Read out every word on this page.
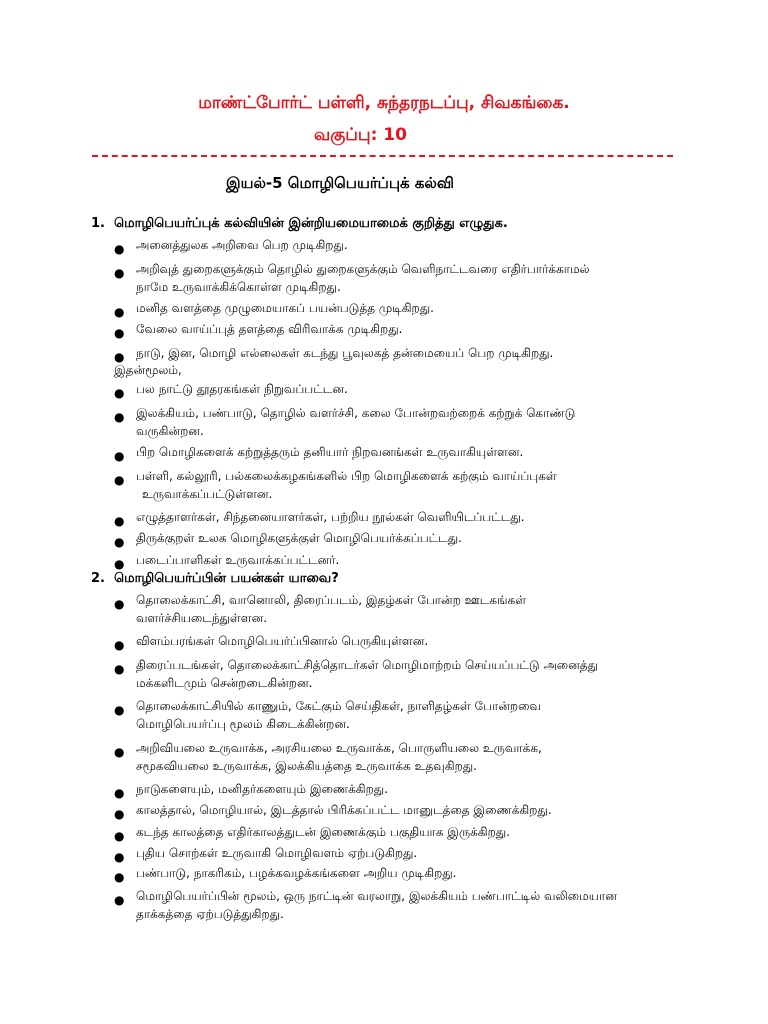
மாண்ட்போர்ட் பள்ளி, சுந்தரநடப்பு, சிவகங்கை.
வகுப்பு: 10
இயல்-5 மொழிபெயர்ப்புக் கல்வி
1. மொழிபெயர்ப்புக் கல்வியின் இன்றியமையாமைக் குறித்து எழுதுக.
● அனைத்துலக அறிவை பெற முடிகிறது.
● அறிவுத் துறைகளுக்கும் தொழில் துறைகளுக்கும் வெளிநாட்டவரை எதிர்பார்க்காமல்
நாமே உருவாக்கிக்கொள்ள முடிகிறது.
● மனித வளத்தை முழுமையாகப் பயன்படுத்த முடிகிறது.
● வேலை வாய்ப்புத் தளத்தை விரிவாக்க முடிகிறது.
● நாடு, இன, மொழி எல்லைகள் கடந்து பூவுலகத் தன்மையைப் பெற முடிகிறது.
இதன்மூலம்,
● பல நாட்டு தூதரகங்கள் நிறுவப்பட்டன.
● இலக்கியம், பண்பாடு, தொழில் வளர்ச்சி, கலை போன்றவற்றைக் கற்றுக் கொண்டு
வருகின்றன.
● பிற மொழிகளைக் கற்றுத்தரும் தனியார் நிறவனங்கள் உருவாகியுள்ளன.
● பள்ளி, கல்லூரி, பல்கலைக்கழகங்களில் பிற மொழிகளைக் கற்கும் வாய்ப்புகள்
உருவாக்கப்பட்டுள்ளன.
● எழுத்தாளர்கள், சிந்தனையாளர்கள், பற்றிய நூல்கள் வெளியிடப்பட்டது.
● திருக்குறள் உலக மொழிகளுக்குள் மொழிபெயர்க்கப்பட்டது.
● படைப்பாளிகள் உருவாக்கப்பட்டனர்.
2. மொழிபெயர்ப்பின் பயன்கள் யாவை?
● தொலைக்காட்சி, வானொலி, திரைப்படம், இதழ்கள் போன்ற ஊடகங்கள்
வளர்ச்சியடைந்துள்ளன.
● விளம்பரங்கள் மொழிபெயர்ப்பினால் பெருகியுள்ளன.
● திரைப்படங்கள், தொலைக்காட்சித்தொடர்கள் மொழிமாற்றம் செய்யப்பட்டு அனைத்து
மக்களிடமும் சென்றடைகின்றன.
● தொலைக்காட்சியில் காணும், கேட்கும் செய்திகள், நாளிதழ்கள் போன்றவை
மொழிபெயர்ப்பு மூலம் கிடைக்கின்றன.
● அறிவியலை உருவாக்க, அரசியலை உருவாக்க, பொருளியலை உருவாக்க,
சமூகவியலை உருவாக்க, இலக்கியத்தை உருவாக்க உதவுகிறது.
● நாடுகளையும், மனிதர்களையும் இணைக்கிறது.
● காலத்தால், மொழியால், இடத்தால் பிரிக்கப்பட்ட மானுடத்தை இணைக்கிறது.
● கடந்த காலத்தை எதிர்காலத்துடன் இணைக்கும் பகுதியாக இருக்கிறது.
● புதிய சொற்கள் உருவாகி மொழிவளம் ஏற்படுகிறது.
● பண்பாடு, நாகரிகம், பழக்கவழக்கங்களை அறிய முடிகிறது.
● மொழிபெயர்ப்பின் மூலம், ஒரு நாட்டின் வரலாறு, இலக்கியம் பண்பாட்டில் வலிமையான
தாக்கத்தை ஏற்படுத்துகிறது.
